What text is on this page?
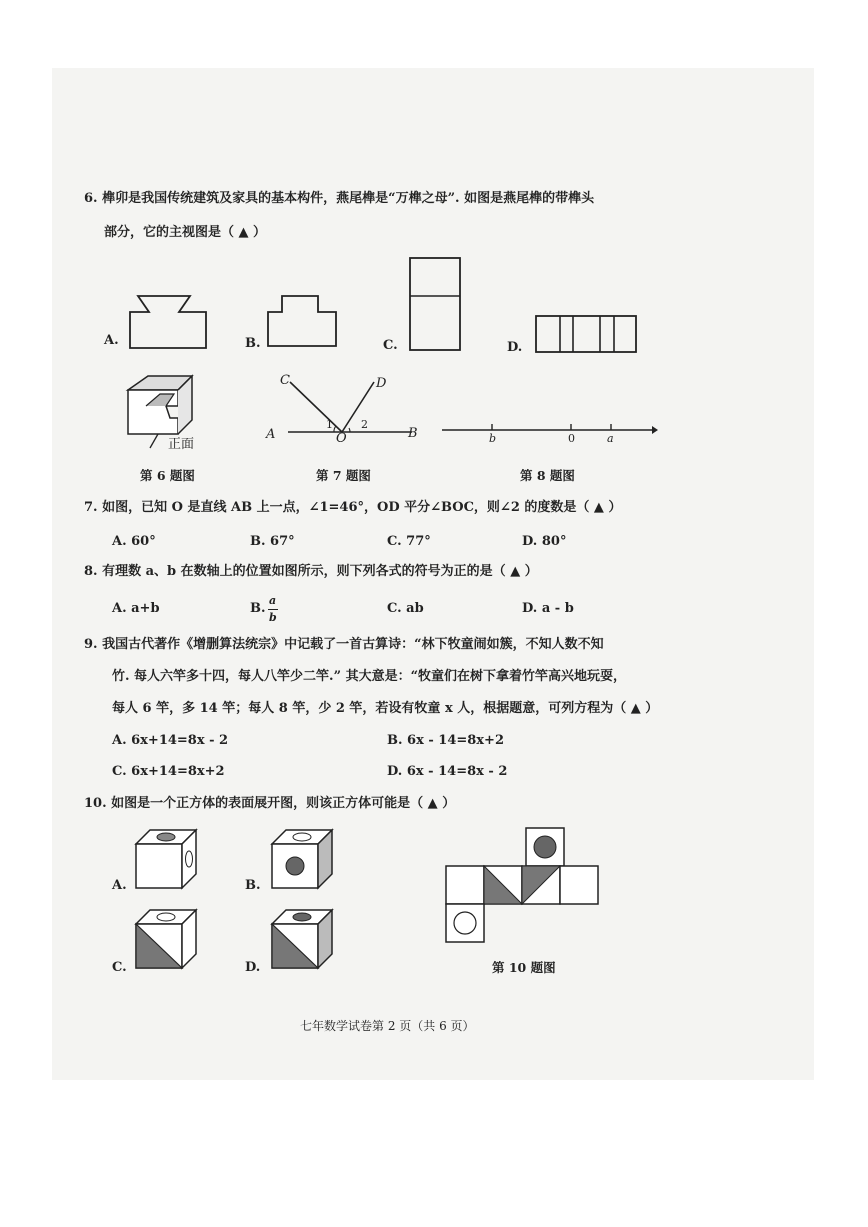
6. 榫卯是我国传统建筑及家具的基本构件，燕尾榫是“万榫之母”. 如图是燕尾榫的带榫头
部分，它的主视图是（ ▲ ）
A.	B.	C.	D.
正面
第 6 题图
C	D
A	O	B
1	2
第 7 题图
b	0	a
第 8 题图
7. 如图，已知 O 是直线 AB 上一点，∠1=46°，OD 平分∠BOC，则∠2 的度数是（ ▲ ）
A. 60°	B. 67°	C. 77°	D. 80°
8. 有理数 a、b 在数轴上的位置如图所示，则下列各式的符号为正的是（ ▲ ）
A. a+b	B.
a
b
C. ab	D. a - b
9. 我国古代著作《增删算法统宗》中记载了一首古算诗：“林下牧童闹如簇，不知人数不知
竹. 每人六竿多十四，每人八竿少二竿.” 其大意是：“牧童们在树下拿着竹竿高兴地玩耍，
每人 6 竿，多 14 竿；每人 8 竿，少 2 竿，若设有牧童 x 人，根据题意，可列方程为（ ▲ ）
A. 6x+14=8x - 2	B. 6x - 14=8x+2
C. 6x+14=8x+2	D. 6x - 14=8x - 2
10. 如图是一个正方体的表面展开图，则该正方体可能是（ ▲ ）
A.	B.
C.	D.	第 10 题图
七年数学试卷第 2 页（共 6 页）
